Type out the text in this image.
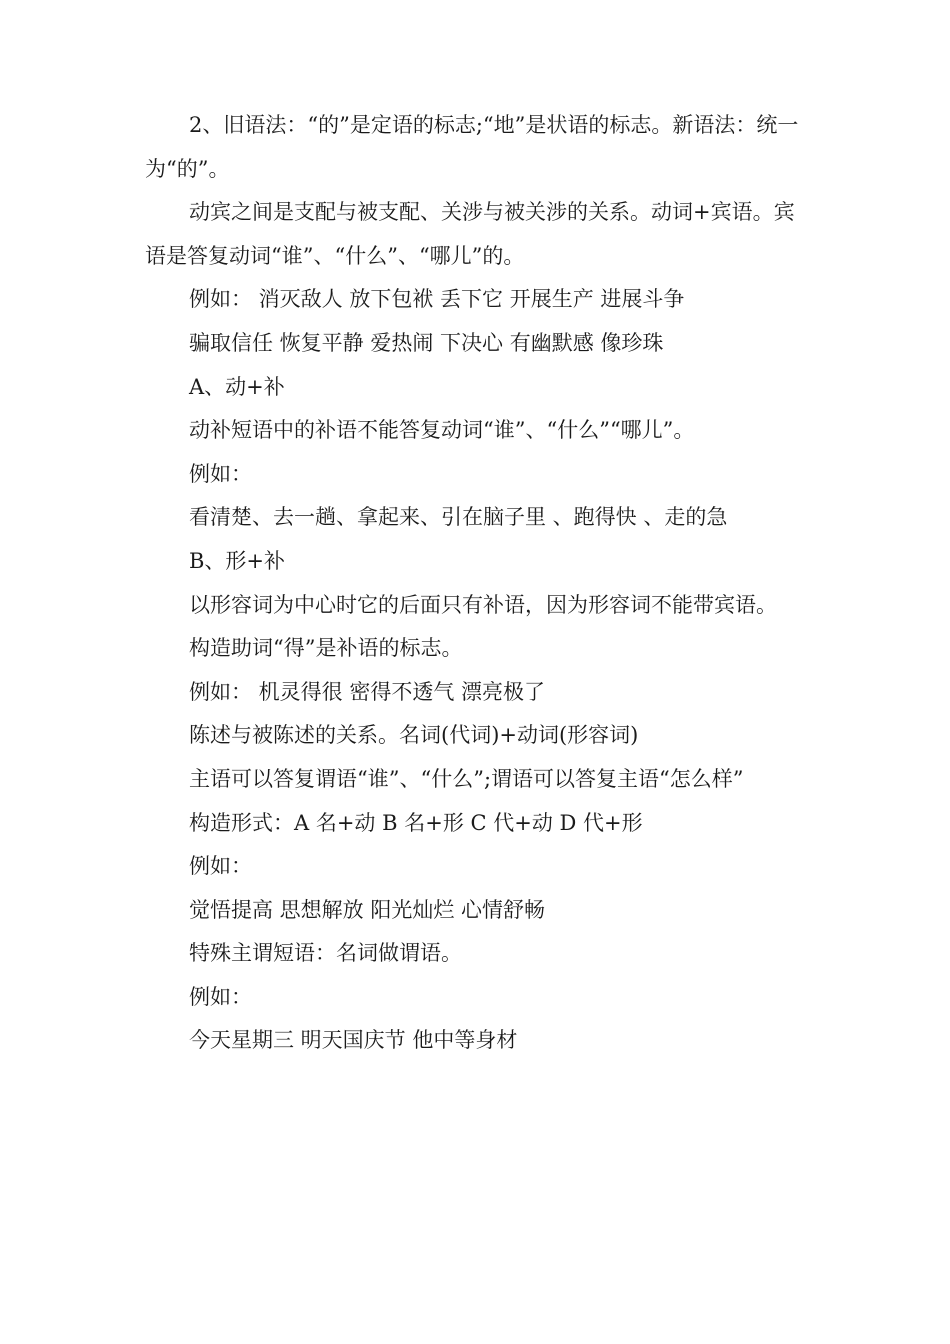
2、旧语法：“的”是定语的标志;“地”是状语的标志。新语法：统一为“的”。

动宾之间是支配与被支配、关涉与被关涉的关系。动词+宾语。宾语是答复动词“谁”、“什么”、“哪儿”的。

例如： 消灭敌人 放下包袱 丢下它 开展生产 进展斗争

骗取信任 恢复平静 爱热闹 下决心 有幽默感 像珍珠

A、动+补

动补短语中的补语不能答复动词“谁”、“什么”“哪儿”。

例如：

看清楚、去一趟、拿起来、引在脑子里 、跑得快 、走的急

B、形+补

以形容词为中心时它的后面只有补语，因为形容词不能带宾语。

构造助词“得”是补语的标志。

例如： 机灵得很 密得不透气 漂亮极了

陈述与被陈述的关系。名词(代词)+动词(形容词)

主语可以答复谓语“谁”、“什么”;谓语可以答复主语“怎么样”

构造形式：A 名+动 B 名+形 C 代+动 D 代+形

例如：

觉悟提高 思想解放 阳光灿烂 心情舒畅

特殊主谓短语：名词做谓语。

例如：

今天星期三 明天国庆节 他中等身材
